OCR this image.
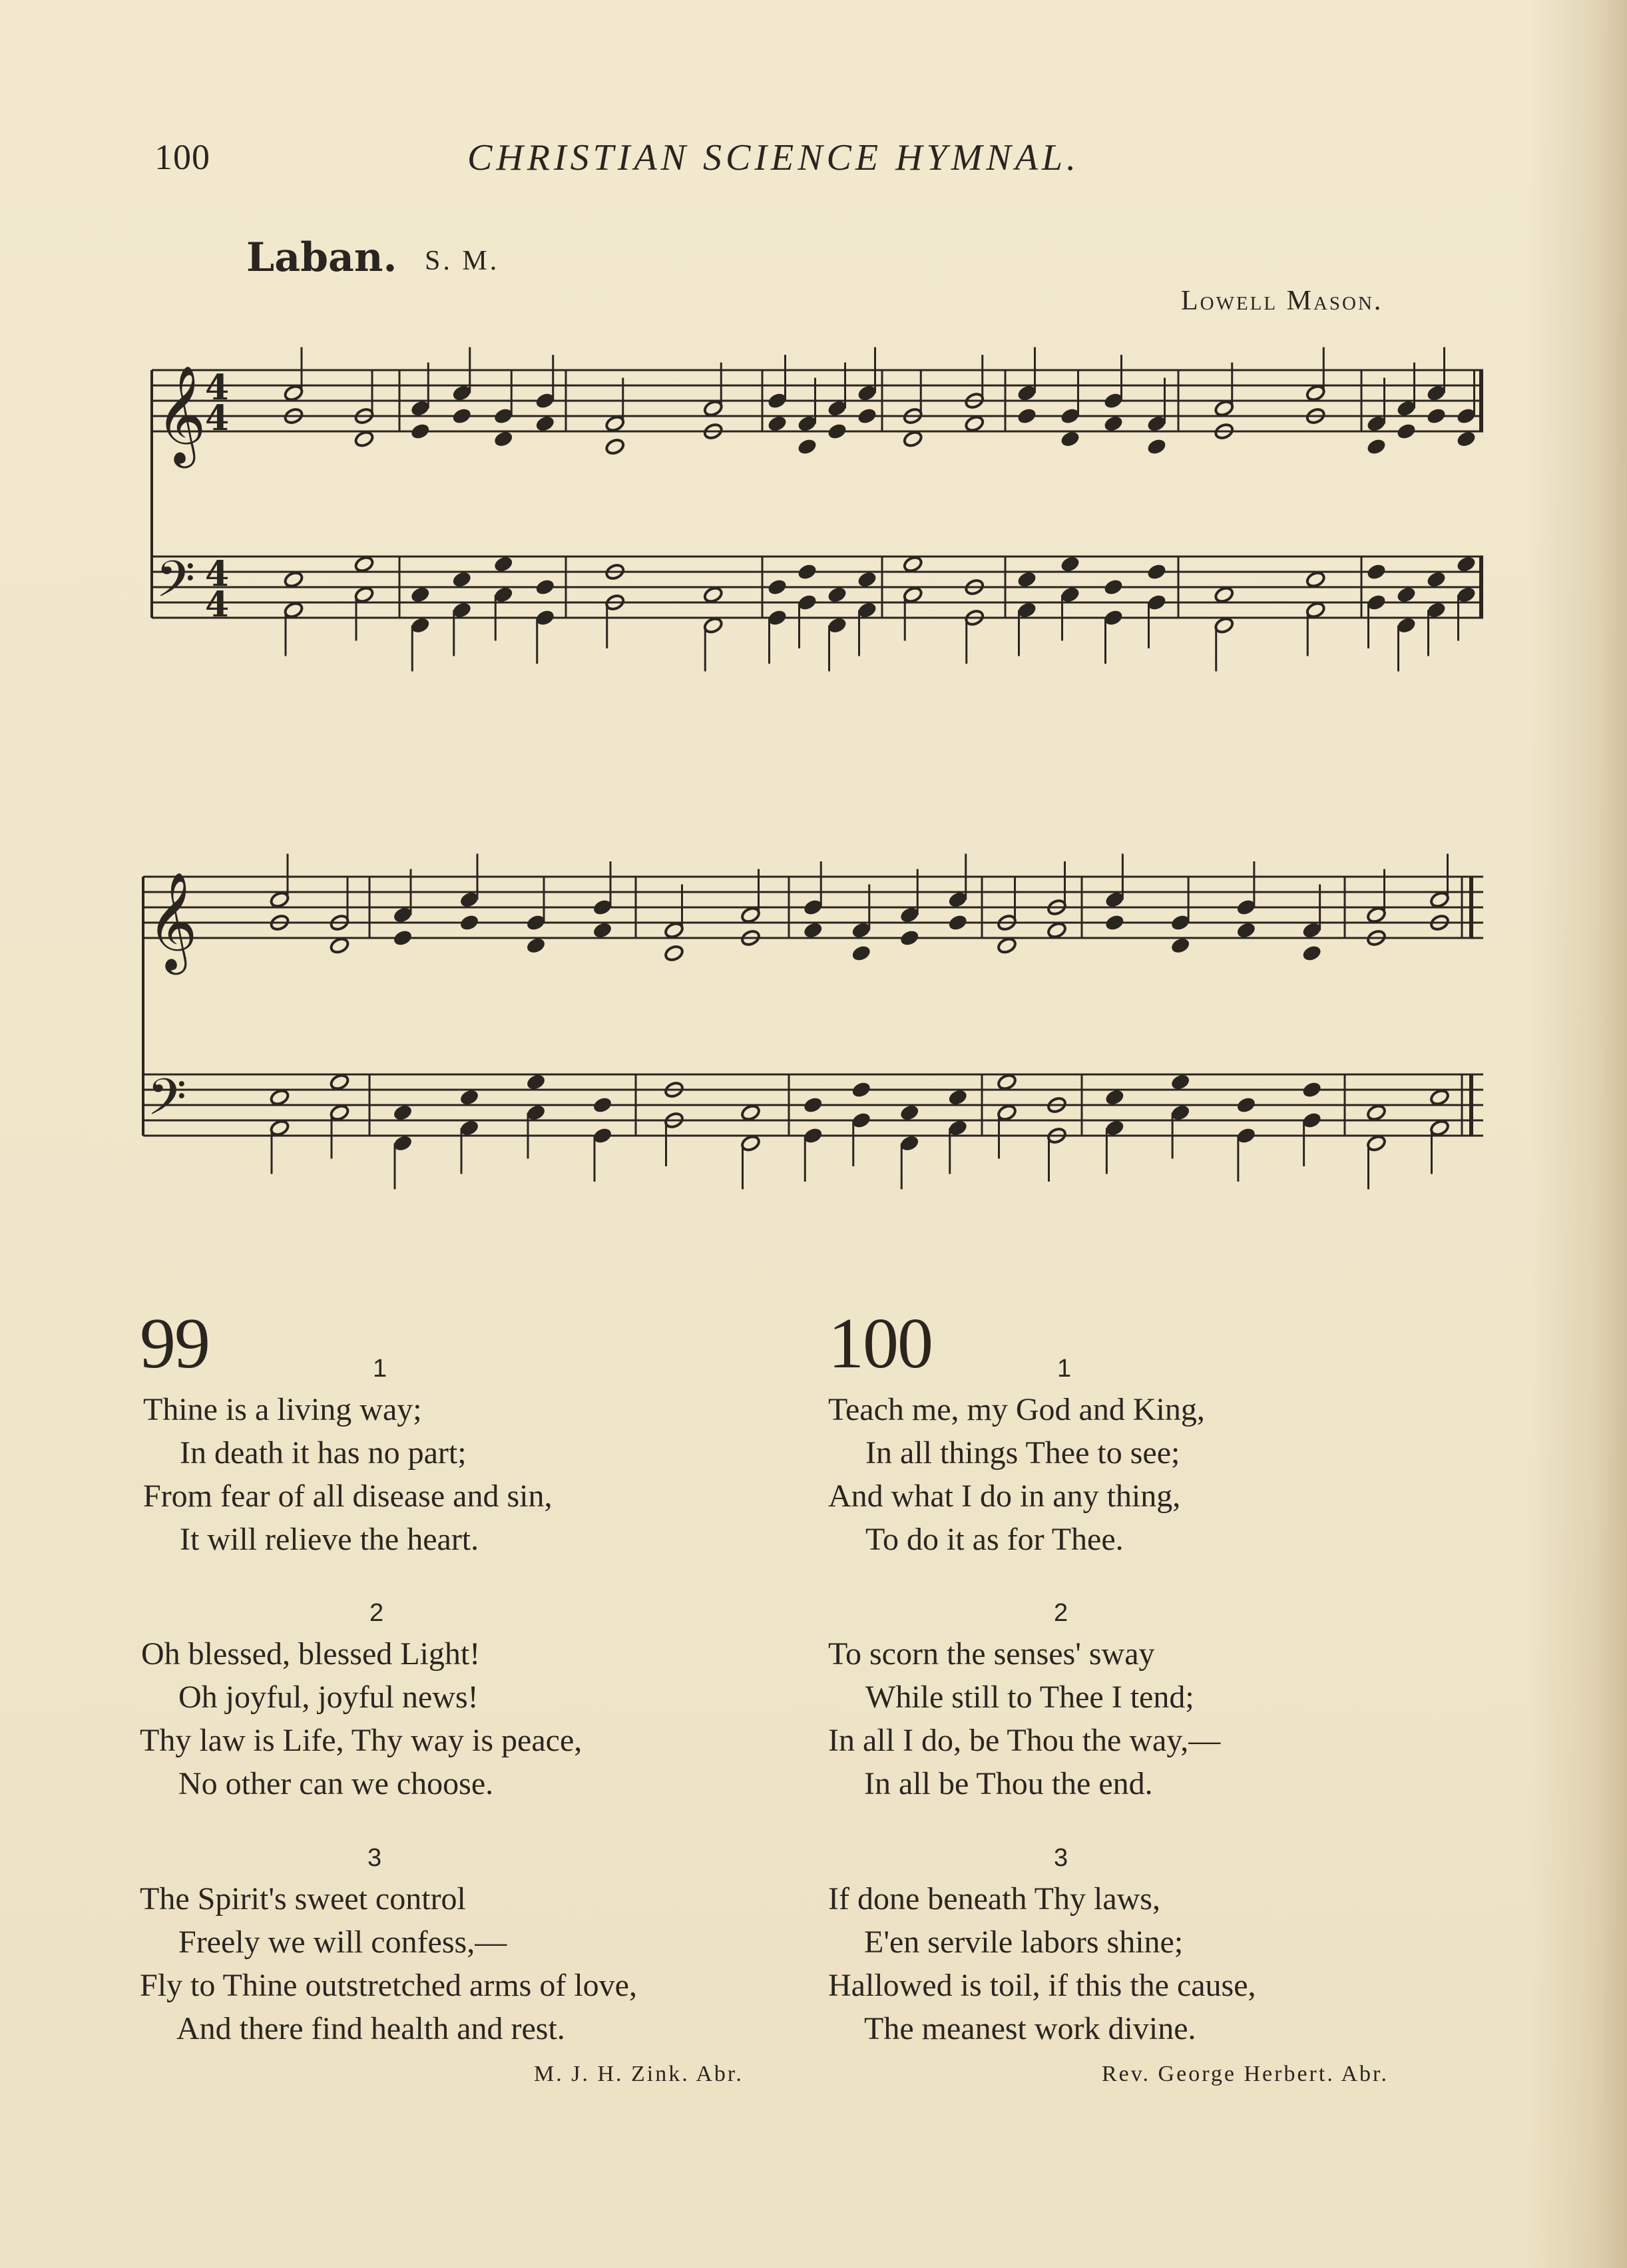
100	CHRISTIAN SCIENCE HYMNAL.
Laban. S. M.
Lowell Mason.
𝄞
𝄢
4
4
4
4
𝄞
𝄢
99	100
1
Thine is a living way;
In death it has no part;
From fear of all disease and sin,
It will relieve the heart.
2
Oh blessed, blessed Light!
Oh joyful, joyful news!
Thy law is Life, Thy way is peace,
No other can we choose.
3
The Spirit's sweet control
Freely we will confess,—
Fly to Thine outstretched arms of love,
And there find health and rest.
M. J. H. Zink. Abr.
1
Teach me, my God and King,
In all things Thee to see;
And what I do in any thing,
To do it as for Thee.
2
To scorn the senses' sway
While still to Thee I tend;
In all I do, be Thou the way,—
In all be Thou the end.
3
If done beneath Thy laws,
E'en servile labors shine;
Hallowed is toil, if this the cause,
The meanest work divine.
Rev. George Herbert. Abr.
